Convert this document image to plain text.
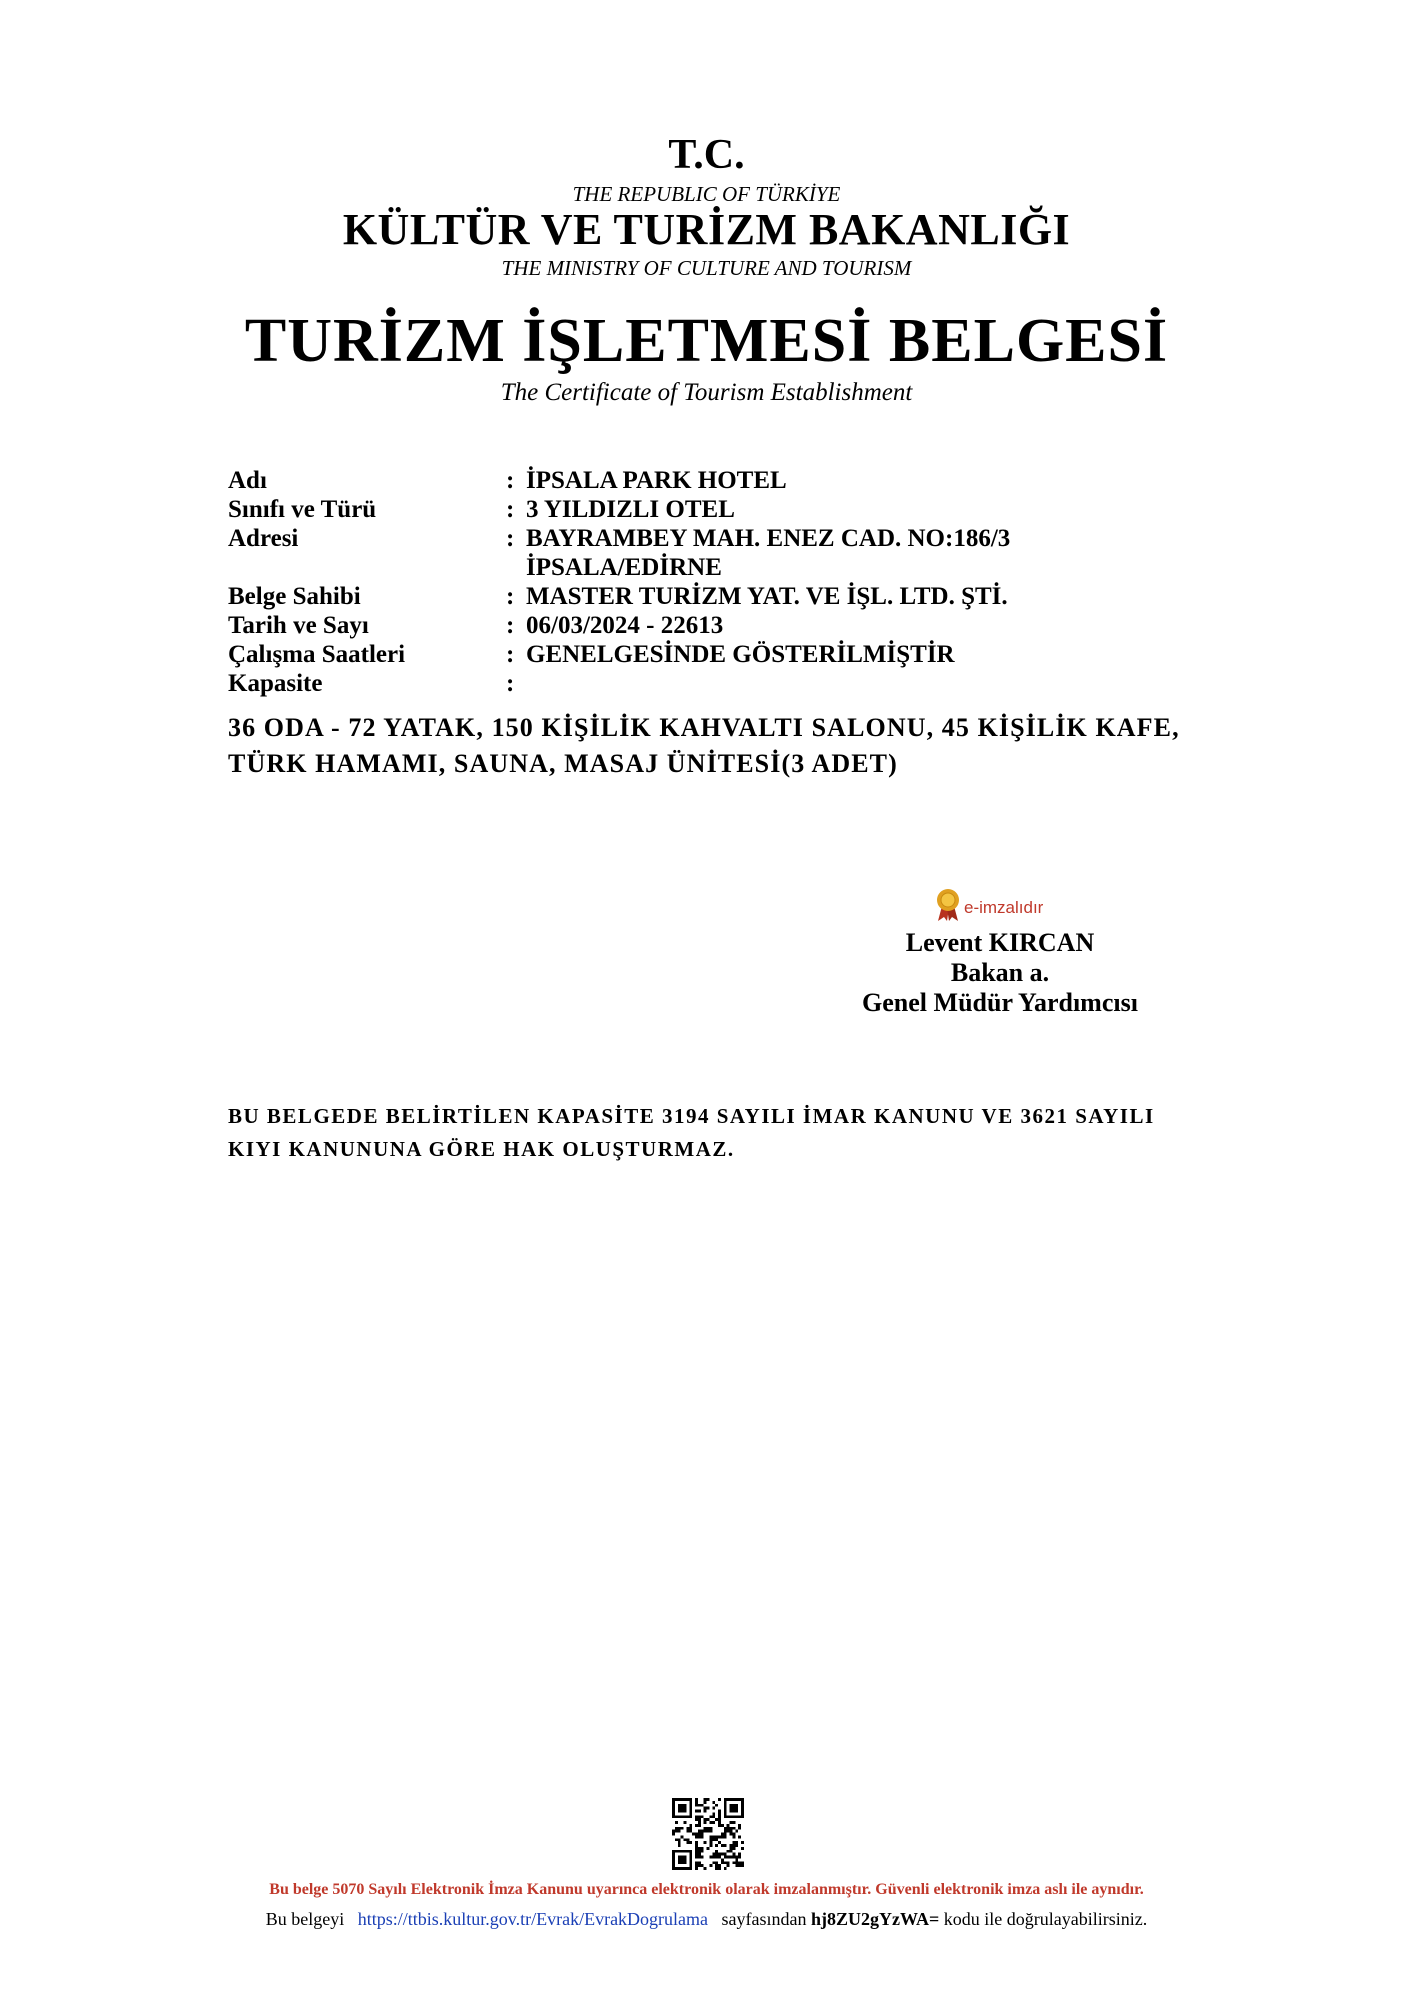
T.C.
THE REPUBLIC OF TÜRKİYE
KÜLTÜR VE TURİZM BAKANLIĞI
THE MINISTRY OF CULTURE AND TOURISM
TURİZM İŞLETMESİ BELGESİ
The Certificate of Tourism Establishment
Adı	: İPSALA PARK HOTEL
Sınıfı ve Türü	: 3 YILDIZLI OTEL
Adresi	: BAYRAMBEY MAH. ENEZ CAD. NO:186/3
İPSALA/EDİRNE
Belge Sahibi	: MASTER TURİZM YAT. VE İŞL. LTD. ŞTİ.
Tarih ve Sayı	: 06/03/2024 - 22613
Çalışma Saatleri	: GENELGESİNDE GÖSTERİLMİŞTİR
Kapasite	:
36 ODA - 72 YATAK, 150 KİŞİLİK KAHVALTI SALONU, 45 KİŞİLİK KAFE, TÜRK HAMAMI, SAUNA, MASAJ ÜNİTESİ(3 ADET)
e-imzalıdır
Levent KIRCAN
Bakan a.
Genel Müdür Yardımcısı
BU BELGEDE BELİRTİLEN KAPASİTE 3194 SAYILI İMAR KANUNU VE 3621 SAYILI KIYI KANUNUNA GÖRE HAK OLUŞTURMAZ.
Bu belge 5070 Sayılı Elektronik İmza Kanunu uyarınca elektronik olarak imzalanmıştır. Güvenli elektronik imza aslı ile aynıdır.
Bu belgeyi https://ttbis.kultur.gov.tr/Evrak/EvrakDogrulama sayfasından hj8ZU2gYzWA= kodu ile doğrulayabilirsiniz.
